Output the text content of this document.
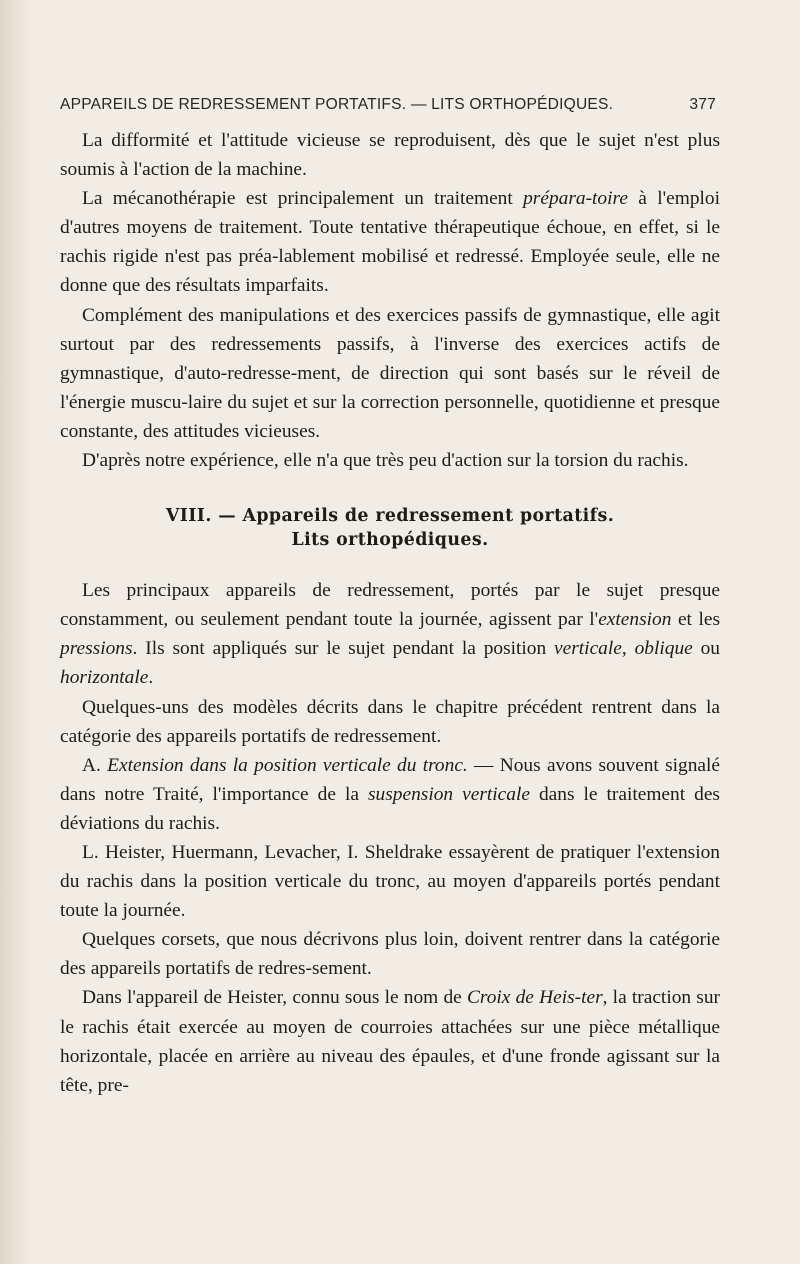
APPAREILS DE REDRESSEMENT PORTATIFS. — LITS ORTHOPÉDIQUES.	377

La difformité et l'attitude vicieuse se reproduisent, dès que le sujet n'est plus soumis à l'action de la machine.

La mécanothérapie est principalement un traitement prépara-toire à l'emploi d'autres moyens de traitement. Toute tentative thérapeutique échoue, en effet, si le rachis rigide n'est pas préa-lablement mobilisé et redressé. Employée seule, elle ne donne que des résultats imparfaits.

Complément des manipulations et des exercices passifs de gymnastique, elle agit surtout par des redressements passifs, à l'inverse des exercices actifs de gymnastique, d'auto-redresse-ment, de direction qui sont basés sur le réveil de l'énergie muscu-laire du sujet et sur la correction personnelle, quotidienne et presque constante, des attitudes vicieuses.

D'après notre expérience, elle n'a que très peu d'action sur la torsion du rachis.

VIII. — Appareils de redressement portatifs.
Lits orthopédiques.

Les principaux appareils de redressement, portés par le sujet presque constamment, ou seulement pendant toute la journée, agissent par l'extension et les pressions. Ils sont appliqués sur le sujet pendant la position verticale, oblique ou horizontale.

Quelques-uns des modèles décrits dans le chapitre précédent rentrent dans la catégorie des appareils portatifs de redressement.

A. Extension dans la position verticale du tronc. — Nous avons souvent signalé dans notre Traité, l'importance de la suspension verticale dans le traitement des déviations du rachis.

L. Heister, Huermann, Levacher, I. Sheldrake essayèrent de pratiquer l'extension du rachis dans la position verticale du tronc, au moyen d'appareils portés pendant toute la journée.

Quelques corsets, que nous décrivons plus loin, doivent rentrer dans la catégorie des appareils portatifs de redres-sement.

Dans l'appareil de Heister, connu sous le nom de Croix de Heis-ter, la traction sur le rachis était exercée au moyen de courroies attachées sur une pièce métallique horizontale, placée en arrière au niveau des épaules, et d'une fronde agissant sur la tête, pre-
